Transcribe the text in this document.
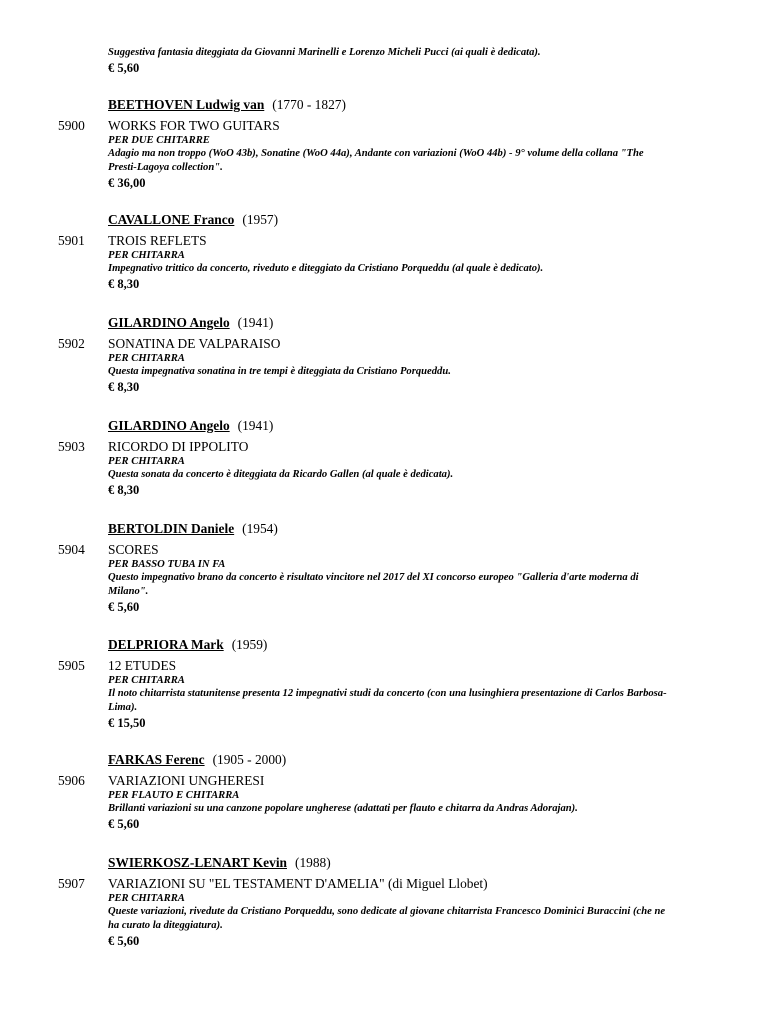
Suggestiva fantasia diteggiata da Giovanni Marinelli e Lorenzo Micheli Pucci (ai quali è dedicata).

€ 5,60

BEETHOVEN Ludwig van (1770 - 1827)
5900 WORKS FOR TWO GUITARS

PER DUE CHITARRE

Adagio ma non troppo (WoO 43b), Sonatine (WoO 44a), Andante con variazioni (WoO 44b) - 9° volume della collana "The Presti-Lagoya collection".

€ 36,00

CAVALLONE Franco (1957)
5901 TROIS REFLETS

PER CHITARRA

Impegnativo trittico da concerto, riveduto e diteggiato da Cristiano Porqueddu (al quale è dedicato).

€ 8,30

GILARDINO Angelo (1941)
5902 SONATINA DE VALPARAISO

PER CHITARRA

Questa impegnativa sonatina in tre tempi è diteggiata da Cristiano Porqueddu.

€ 8,30

GILARDINO Angelo (1941)
5903 RICORDO DI IPPOLITO

PER CHITARRA

Questa sonata da concerto è diteggiata da Ricardo Gallen (al quale è dedicata).

€ 8,30

BERTOLDIN Daniele (1954)
5904 SCORES

PER BASSO TUBA IN FA

Questo impegnativo brano da concerto è risultato vincitore nel 2017 del XI concorso europeo "Galleria d'arte moderna di Milano".

€ 5,60

DELPRIORA Mark (1959)
5905 12 ETUDES

PER CHITARRA

Il noto chitarrista statunitense presenta 12 impegnativi studi da concerto (con una lusinghiera presentazione di Carlos Barbosa-Lima).

€ 15,50

FARKAS Ferenc (1905 - 2000)
5906 VARIAZIONI UNGHERESI

PER FLAUTO E CHITARRA

Brillanti variazioni su una canzone popolare ungherese (adattati per flauto e chitarra da Andras Adorajan).

€ 5,60

SWIERKOSZ-LENART Kevin (1988)
5907 VARIAZIONI SU "EL TESTAMENT D'AMELIA" (di Miguel Llobet)

PER CHITARRA

Queste variazioni, rivedute da Cristiano Porqueddu, sono dedicate al giovane chitarrista Francesco Dominici Buraccini (che ne ha curato la diteggiatura).

€ 5,60
